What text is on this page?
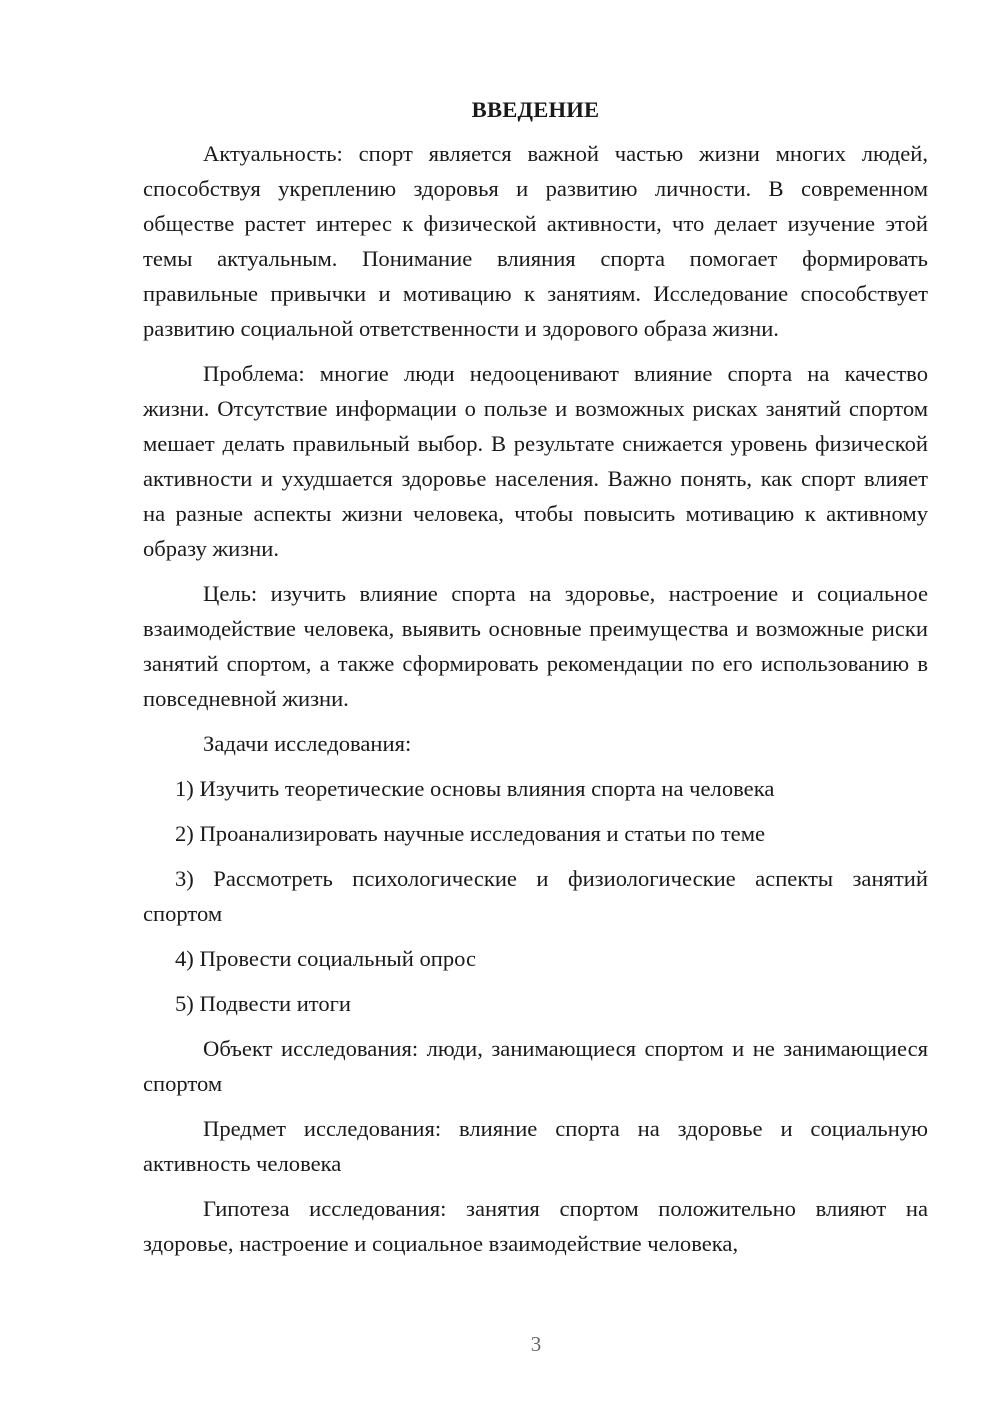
ВВЕДЕНИЕ

Актуальность: спорт является важной частью жизни многих людей, способствуя укреплению здоровья и развитию личности. В современном обществе растет интерес к физической активности, что делает изучение этой темы актуальным. Понимание влияния спорта помогает формировать правильные привычки и мотивацию к занятиям. Исследование способствует развитию социальной ответственности и здорового образа жизни.

Проблема: многие люди недооценивают влияние спорта на качество жизни. Отсутствие информации о пользе и возможных рисках занятий спортом мешает делать правильный выбор. В результате снижается уровень физической активности и ухудшается здоровье населения. Важно понять, как спорт влияет на разные аспекты жизни человека, чтобы повысить мотивацию к активному образу жизни.

Цель: изучить влияние спорта на здоровье, настроение и социальное взаимодействие человека, выявить основные преимущества и возможные риски занятий спортом, а также сформировать рекомендации по его использованию в повседневной жизни.

Задачи исследования:

1) Изучить теоретические основы влияния спорта на человека

2) Проанализировать научные исследования и статьи по теме

3) Рассмотреть психологические и физиологические аспекты занятий спортом

4) Провести социальный опрос

5) Подвести итоги

Объект исследования: люди, занимающиеся спортом и не занимающиеся спортом

Предмет исследования: влияние спорта на здоровье и социальную активность человека

Гипотеза исследования: занятия спортом положительно влияют на здоровье, настроение и социальное взаимодействие человека,

3
